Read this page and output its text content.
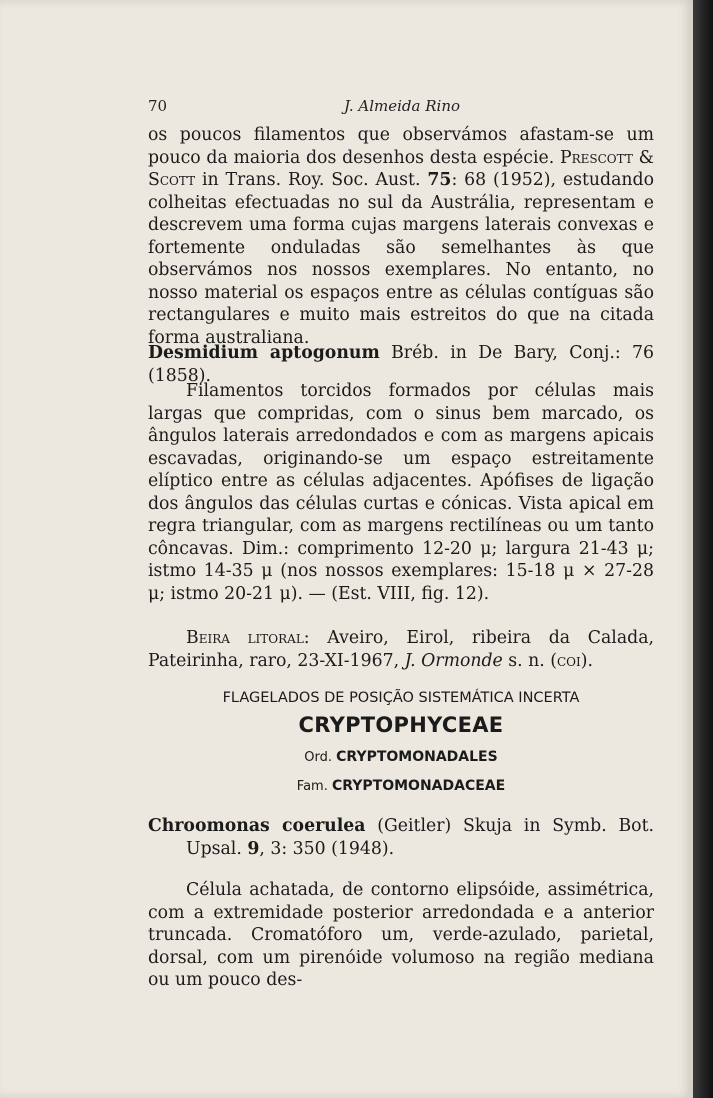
70	J. Almeida Rino

os poucos filamentos que observámos afastam-se um pouco da maioria dos desenhos desta espécie. Prescott & Scott in Trans. Roy. Soc. Aust. 75: 68 (1952), estudando colheitas efectuadas no sul da Austrália, representam e descrevem uma forma cujas margens laterais convexas e fortemente onduladas são semelhantes às que observámos nos nossos exemplares. No entanto, no nosso material os espaços entre as células contíguas são rectangulares e muito mais estreitos do que na citada forma australiana.

Desmidium aptogonum Bréb. in De Bary, Conj.: 76 (1858).

Filamentos torcidos formados por células mais largas que compridas, com o sinus bem marcado, os ângulos laterais arredondados e com as margens apicais escavadas, originando-se um espaço estreitamente elíptico entre as células adjacentes. Apófises de ligação dos ângulos das células curtas e cónicas. Vista apical em regra triangular, com as margens rectilíneas ou um tanto côncavas. Dim.: comprimento 12-20 μ; largura 21-43 μ; istmo 14-35 μ (nos nossos exemplares: 15-18 μ × 27-28 μ; istmo 20-21 μ). — (Est. VIII, fig. 12).

Beira litoral: Aveiro, Eirol, ribeira da Calada, Pateirinha, raro, 23-XI-1967, J. Ormonde s. n. (coi).

FLAGELADOS DE POSIÇÃO SISTEMÁTICA INCERTA
CRYPTOPHYCEAE
Ord. CRYPTOMONADALES
Fam. CRYPTOMONADACEAE

Chroomonas coerulea (Geitler) Skuja in Symb. Bot. Upsal. 9, 3: 350 (1948).

Célula achatada, de contorno elipsóide, assimétrica, com a extremidade posterior arredondada e a anterior truncada. Cromatóforo um, verde-azulado, parietal, dorsal, com um pirenóide volumoso na região mediana ou um pouco des-
